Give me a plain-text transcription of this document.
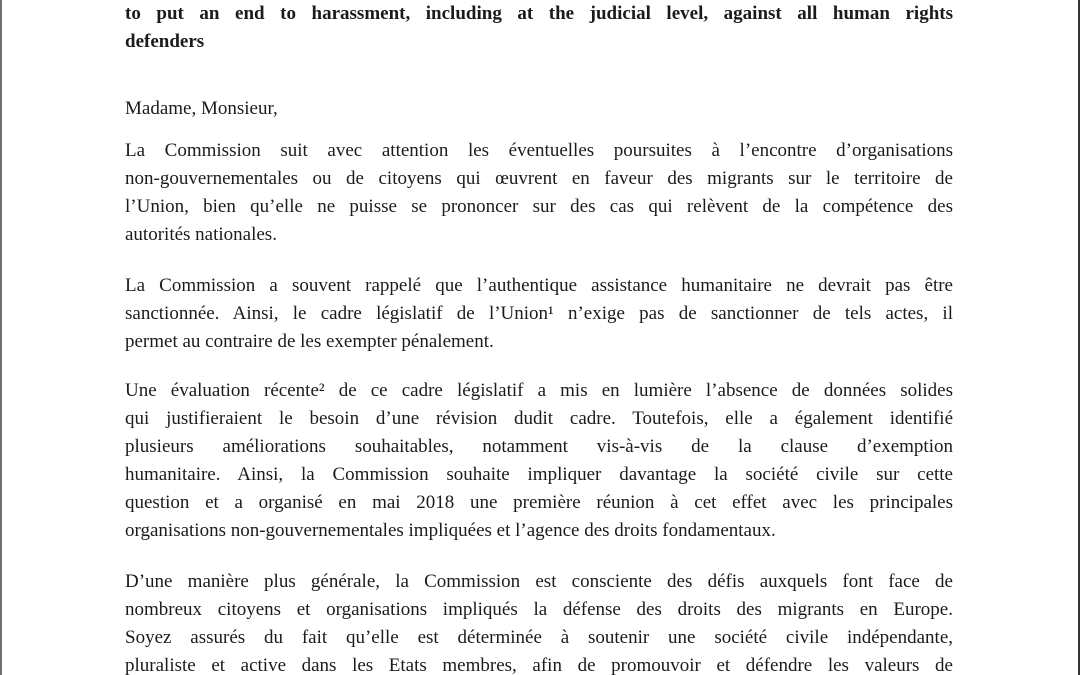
to put an end to harassment, including at the judicial level, against all human rights
defenders
Madame, Monsieur,
La Commission suit avec attention les éventuelles poursuites à l’encontre d’organisations
non-gouvernementales ou de citoyens qui œuvrent en faveur des migrants sur le territoire de
l’Union, bien qu’elle ne puisse se prononcer sur des cas qui relèvent de la compétence des
autorités nationales.
La Commission a souvent rappelé que l’authentique assistance humanitaire ne devrait pas être
sanctionnée. Ainsi, le cadre législatif de l’Union¹ n’exige pas de sanctionner de tels actes, il
permet au contraire de les exempter pénalement.
Une évaluation récente² de ce cadre législatif a mis en lumière l’absence de données solides
qui justifieraient le besoin d’une révision dudit cadre. Toutefois, elle a également identifié
plusieurs améliorations souhaitables, notamment vis-à-vis de la clause d’exemption
humanitaire. Ainsi, la Commission souhaite impliquer davantage la société civile sur cette
question et a organisé en mai 2018 une première réunion à cet effet avec les principales
organisations non-gouvernementales impliquées et l’agence des droits fondamentaux.
D’une manière plus générale, la Commission est consciente des défis auxquels font face de
nombreux citoyens et organisations impliqués la défense des droits des migrants en Europe.
Soyez assurés du fait qu’elle est déterminée à soutenir une société civile indépendante,
pluraliste et active dans les Etats membres, afin de promouvoir et défendre les valeurs de
